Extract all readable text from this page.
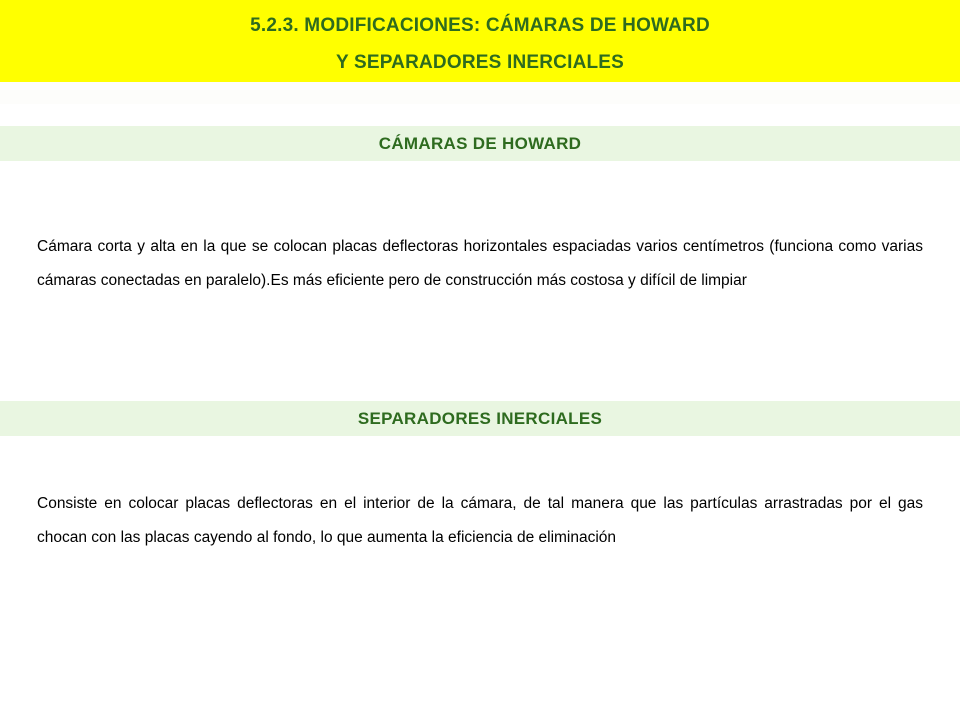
5.2.3. MODIFICACIONES: CÁMARAS DE HOWARD
Y SEPARADORES INERCIALES
CÁMARAS DE HOWARD
Cámara corta y alta en la que se colocan placas deflectoras horizontales espaciadas varios centímetros (funciona como varias cámaras conectadas en paralelo).Es más eficiente pero de construcción más costosa y difícil de limpiar
SEPARADORES INERCIALES
Consiste en colocar placas deflectoras en el interior de la cámara, de tal manera que las partículas arrastradas por el gas chocan con las placas cayendo al fondo, lo que aumenta la eficiencia de eliminación
